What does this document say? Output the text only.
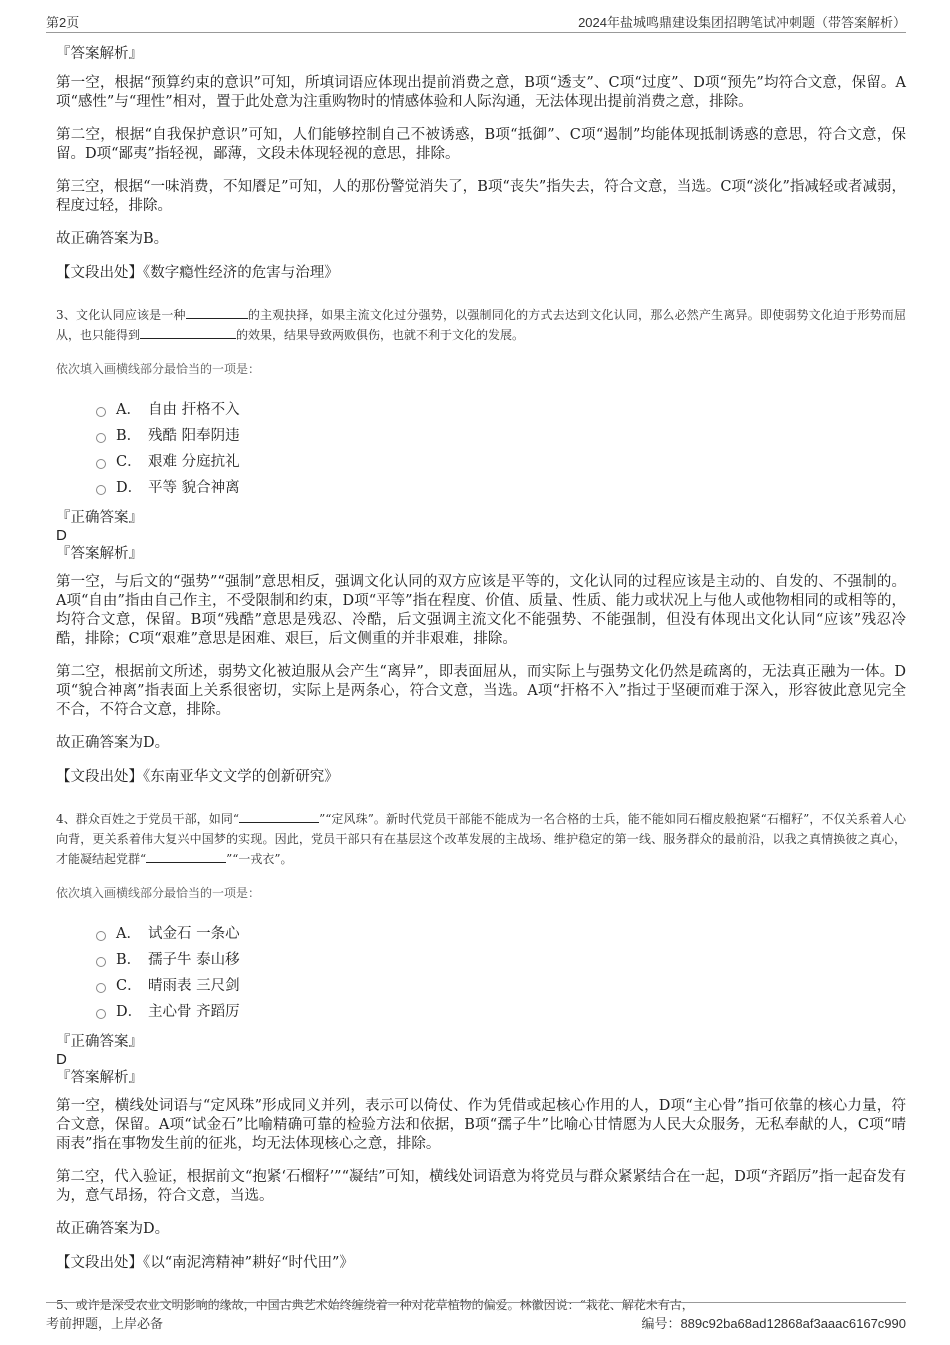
第2页	2024年盐城鸣鼎建设集团招聘笔试冲刺题（带答案解析）
『答案解析』

第一空，根据“预算约束的意识”可知，所填词语应体现出提前消费之意，B项“透支”、C项“过度”、D项“预先”均符合文意，保留。A项“感性”与“理性”相对，置于此处意为注重购物时的情感体验和人际沟通，无法体现出提前消费之意，排除。

第二空，根据“自我保护意识”可知，人们能够控制自己不被诱惑，B项“抵御”、C项“遏制”均能体现抵制诱惑的意思，符合文意，保留。D项“鄙夷”指轻视，鄙薄，文段未体现轻视的意思，排除。

第三空，根据“一味消费，不知餍足”可知，人的那份警觉消失了，B项“丧失”指失去，符合文意，当选。C项“淡化”指减轻或者减弱，程度过轻，排除。

故正确答案为B。

【文段出处】《数字瘾性经济的危害与治理》

3、文化认同应该是一种	的主观抉择，如果主流文化过分强势，以强制同化的方式去达到文化认同，那么必然产生离异。即使弱势文化迫于形势而屈从，也只能得到	的效果，结果导致两败俱伤，也就不利于文化的发展。

依次填入画横线部分最恰当的一项是：

A． 自由 扞格不入
B． 残酷 阳奉阴违
C． 艰难 分庭抗礼
D． 平等 貌合神离
『正确答案』
D
『答案解析』

第一空，与后文的“强势”“强制”意思相反，强调文化认同的双方应该是平等的，文化认同的过程应该是主动的、自发的、不强制的。A项“自由”指由自己作主，不受限制和约束，D项“平等”指在程度、价值、质量、性质、能力或状况上与他人或他物相同的或相等的，均符合文意，保留。B项“残酷”意思是残忍、冷酷，后文强调主流文化不能强势、不能强制，但没有体现出文化认同“应该”残忍冷酷，排除；C项“艰难”意思是困难、艰巨，后文侧重的并非艰难，排除。

第二空，根据前文所述，弱势文化被迫服从会产生“离异”，即表面屈从，而实际上与强势文化仍然是疏离的，无法真正融为一体。D项“貌合神离”指表面上关系很密切，实际上是两条心，符合文意，当选。A项“扞格不入”指过于坚硬而难于深入，形容彼此意见完全不合，不符合文意，排除。

故正确答案为D。

【文段出处】《东南亚华文文学的创新研究》

4、群众百姓之于党员干部，如同“	”“定风珠”。新时代党员干部能不能成为一名合格的士兵，能不能如同石榴皮般抱紧“石榴籽”，不仅关系着人心向背，更关系着伟大复兴中国梦的实现。因此，党员干部只有在基层这个改革发展的主战场、维护稳定的第一线、服务群众的最前沿，以我之真情换彼之真心，才能凝结起党群“	”“一戎衣”。

依次填入画横线部分最恰当的一项是：

A． 试金石 一条心
B． 孺子牛 泰山移
C． 晴雨表 三尺剑
D． 主心骨 齐蹈厉
『正确答案』
D
『答案解析』

第一空，横线处词语与“定风珠”形成同义并列，表示可以倚仗、作为凭借或起核心作用的人，D项“主心骨”指可依靠的核心力量，符合文意，保留。A项“试金石”比喻精确可靠的检验方法和依据，B项“孺子牛”比喻心甘情愿为人民大众服务，无私奉献的人，C项“晴雨表”指在事物发生前的征兆，均无法体现核心之意，排除。

第二空，代入验证，根据前文“抱紧‘石榴籽’”“凝结”可知，横线处词语意为将党员与群众紧紧结合在一起，D项“齐蹈厉”指一起奋发有为，意气昂扬，符合文意，当选。

故正确答案为D。

【文段出处】《以“南泥湾精神”耕好“时代田”》

5、或许是深受农业文明影响的缘故，中国古典艺术始终缠绕着一种对花草植物的偏爱。林徽因说：“栽花、解花未有古，

考前押题，上岸必备	编号：889c92ba68ad12868af3aaac6167c990
